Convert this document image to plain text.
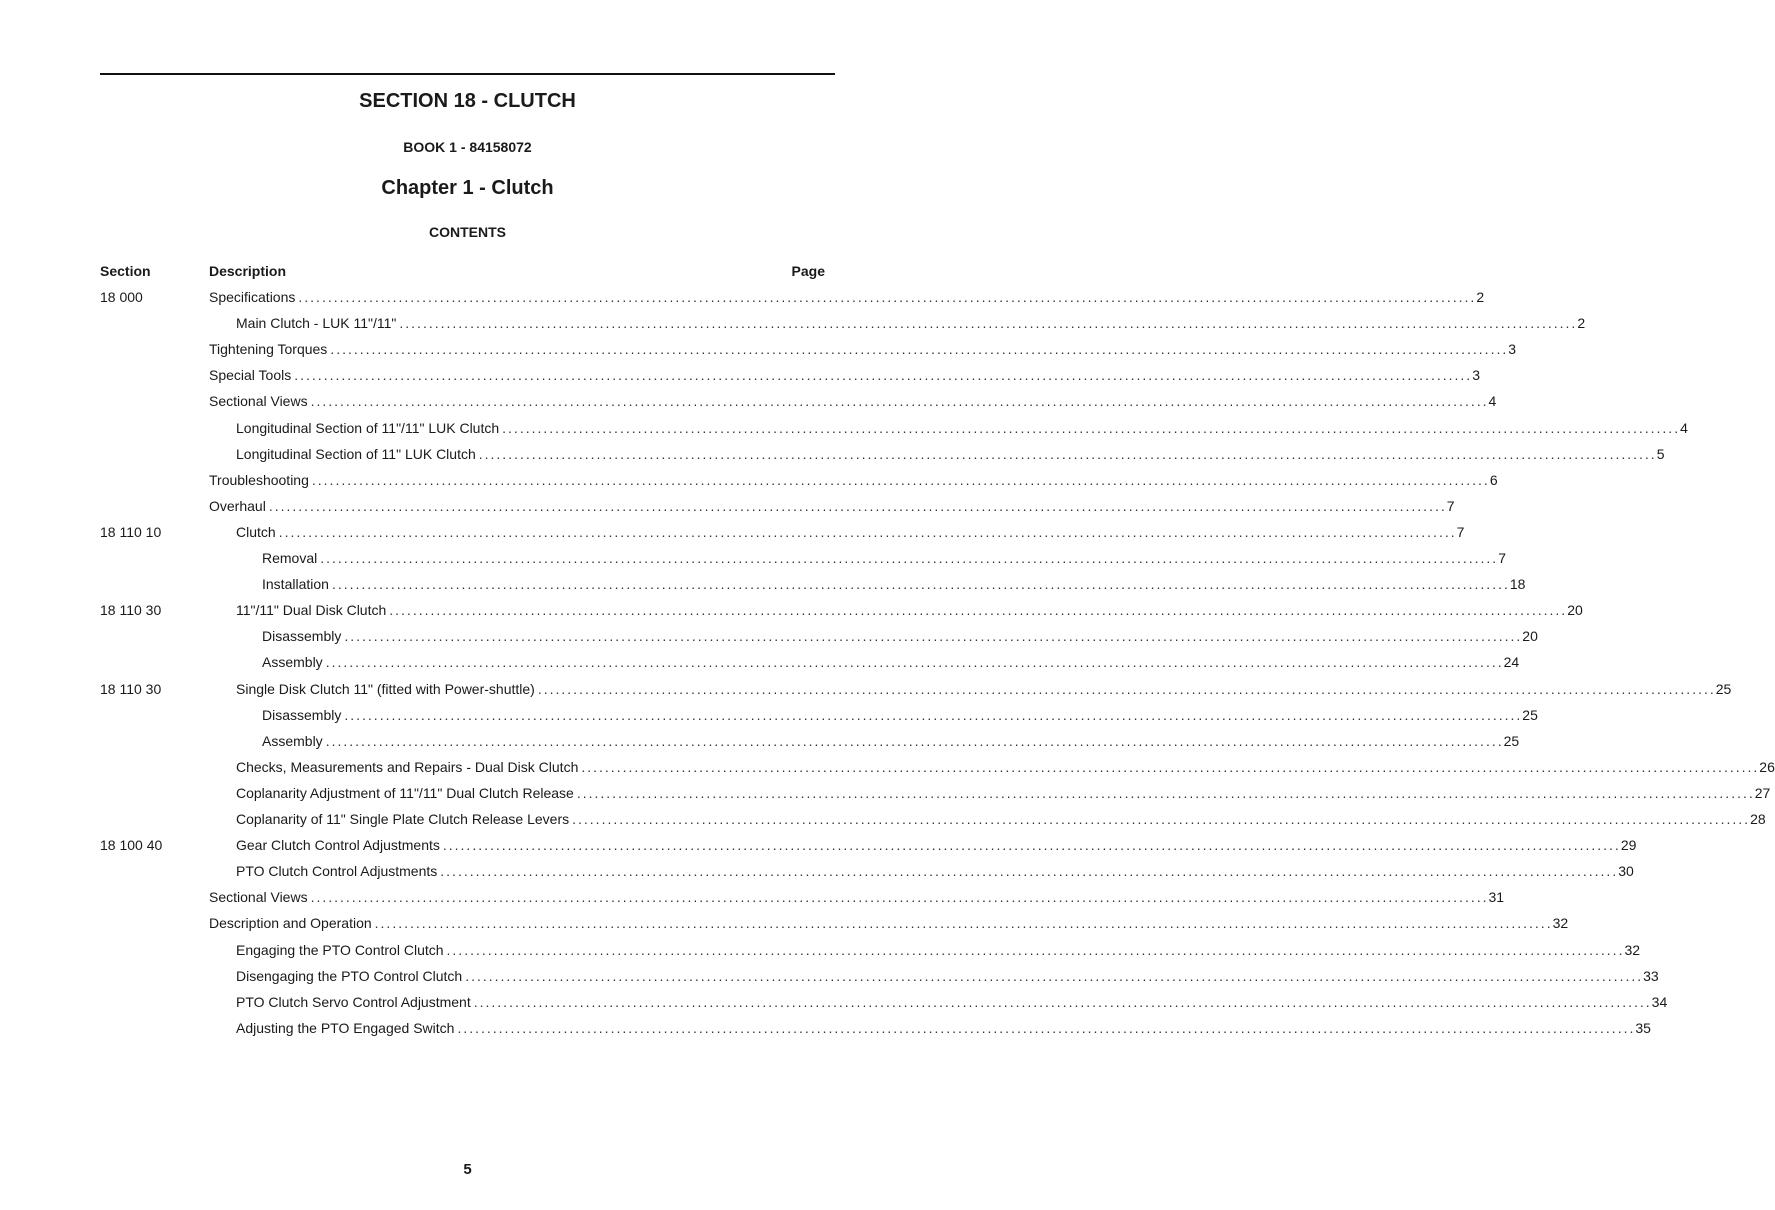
SECTION 18 - CLUTCH
BOOK 1 - 84158072
Chapter 1 - Clutch
CONTENTS
Section	Description	Page
18 000	Specifications ........................................................................................................................................................................................................ 2
Main Clutch - LUK 11"/11" ........................................................................................................................................................................................................ 2
Tightening Torques ........................................................................................................................................................................................................ 3
Special Tools ........................................................................................................................................................................................................ 3
Sectional Views ........................................................................................................................................................................................................ 4
Longitudinal Section of 11"/11" LUK Clutch ........................................................................................................................................................................................................ 4
Longitudinal Section of 11" LUK Clutch ........................................................................................................................................................................................................ 5
Troubleshooting ........................................................................................................................................................................................................ 6
Overhaul ........................................................................................................................................................................................................ 7
18 110 10	Clutch ........................................................................................................................................................................................................ 7
Removal ........................................................................................................................................................................................................ 7
Installation ........................................................................................................................................................................................................ 18
18 110 30	11"/11" Dual Disk Clutch ........................................................................................................................................................................................................ 20
Disassembly ........................................................................................................................................................................................................ 20
Assembly ........................................................................................................................................................................................................ 24
18 110 30	Single Disk Clutch 11" (fitted with Power-shuttle) ........................................................................................................................................................................................................ 25
Disassembly ........................................................................................................................................................................................................ 25
Assembly ........................................................................................................................................................................................................ 25
Checks, Measurements and Repairs - Dual Disk Clutch ........................................................................................................................................................................................................ 26
Coplanarity Adjustment of 11"/11" Dual Clutch Release ........................................................................................................................................................................................................ 27
Coplanarity of 11" Single Plate Clutch Release Levers ........................................................................................................................................................................................................ 28
18 100 40	Gear Clutch Control Adjustments ........................................................................................................................................................................................................ 29
PTO Clutch Control Adjustments ........................................................................................................................................................................................................ 30
Sectional Views ........................................................................................................................................................................................................ 31
Description and Operation ........................................................................................................................................................................................................ 32
Engaging the PTO Control Clutch ........................................................................................................................................................................................................ 32
Disengaging the PTO Control Clutch ........................................................................................................................................................................................................ 33
PTO Clutch Servo Control Adjustment ........................................................................................................................................................................................................ 34
Adjusting the PTO Engaged Switch ........................................................................................................................................................................................................ 35
5
